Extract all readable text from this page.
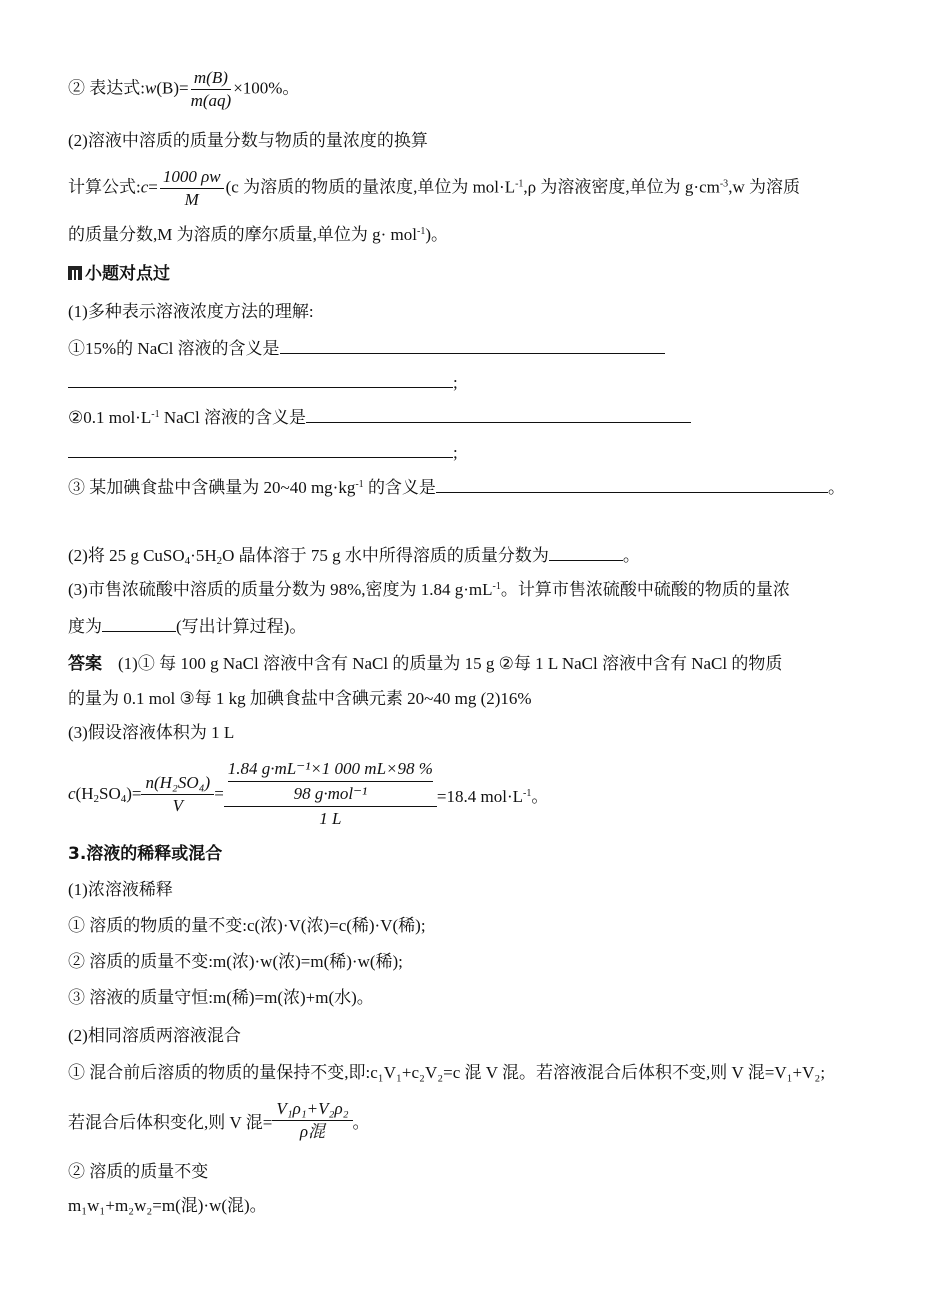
② 表达式:w(B)= $\frac{m(B)}{m(aq)} \times 100\%$。
(2)溶液中溶质的质量分数与物质的量浓度的换算
计算公式:c= $\frac{1000 \rho w}{M} (c$ 为溶质的物质的量浓度,单位为 $mol\cdot L^{-1},\rho$ 为溶液密度,单位为 $g\cdot cm^{-3},w$ 为溶质
的质量分数,M 为溶质的摩尔质量,单位为 g· mol$^{-1}$)。
小题对点过
(1)多种表示溶液浓度方法的理解:
①15%的 NaCl 溶液的含义是
;
②0.1 $mol\cdot L^{-1}$ NaCl 溶液的含义是
;
③ 某加碘食盐中含碘量为 20~40 $mg\cdot kg^{-1}$ 的含义是	。
(2)将 25 g $CuSO_4\cdot 5H_2O$ 晶体溶于 75 g 水中所得溶质的质量分数为	。
(3)市售浓硫酸中溶质的质量分数为 98%,密度为 1.84 $g\cdot mL^{-1}$。计算市售浓硫酸中硫酸的物质的量浓
度为	(写出计算过程)。
答案 (1)① 每 100 g NaCl 溶液中含有 NaCl 的质量为 15 g ②每 1 L NaCl 溶液中含有 NaCl 的物质
的量为 0.1 mol ③每 1 kg 加碘食盐中含碘元素 20~40 mg (2)16%
(3)假设溶液体积为 1 L
$c(H_2SO_4)= \frac{\text{n(H₂SO₄)}}{V} = 1.84$ g·mL⁻¹×1 000 mL×98 %
98 g·mol⁻¹
1 L =18.4 $mol\cdot L^{-1}$。
3.溶液的稀释或混合
(1)浓溶液稀释
① 溶质的物质的量不变:c(浓)·V(浓)=c(稀)·V(稀);
② 溶质的质量不变:m(浓)·w(浓)=m(稀)·w(稀);
③ 溶液的质量守恒:m(稀)=m(浓)+m(水)。
(2)相同溶质两溶液混合
① 混合前后溶质的物质的量保持不变,即:c₁V₁+c₂V₂=c 混 V 混。若溶液混合后体积不变,则 V 混=V₁+V₂;
若混合后体积变化,则 V 混= $\frac{\text{V₁ρ₁+V₂ρ₂}}{\text{ρ混}}$ 。
② 溶质的质量不变
m₁w₁+m₂w₂=m(混)·w(混)。
